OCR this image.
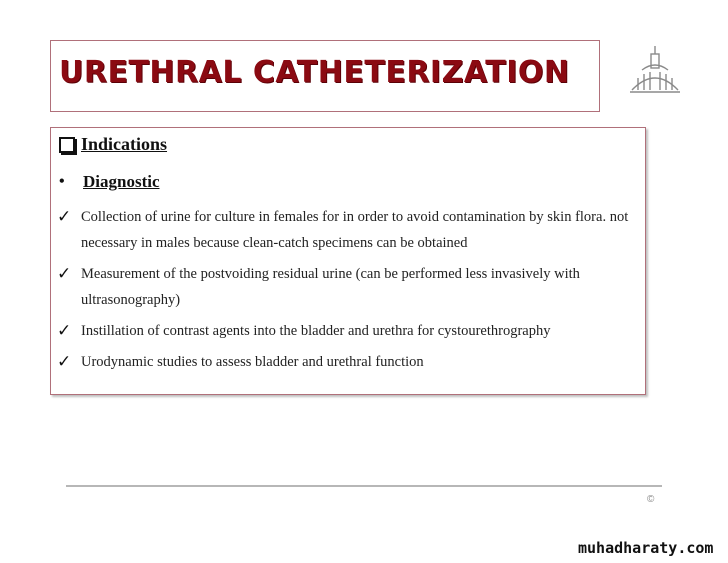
URETHRAL CATHETERIZATION
Indications
•	Diagnostic
✓ Collection of urine for culture in females for in order to avoid contamination by skin flora. not necessary in males because clean-catch specimens can be obtained
✓ Measurement of the postvoiding residual urine (can be performed less invasively with ultrasonography)
✓ Instillation of contrast agents into the bladder and urethra for cystourethrography
✓ Urodynamic studies to assess bladder and urethral function
©
muhadharaty.com
